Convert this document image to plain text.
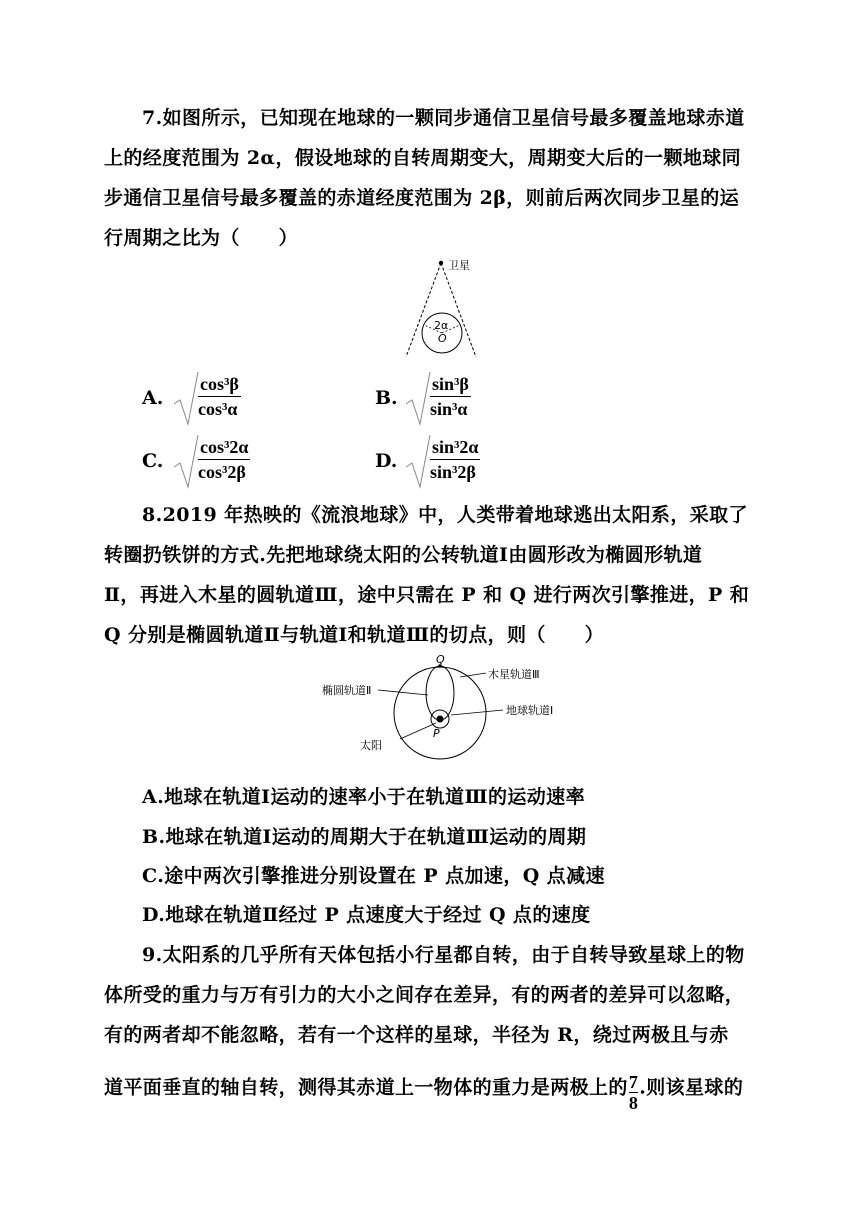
7.如图所示，已知现在地球的一颗同步通信卫星信号最多覆盖地球赤道
上的经度范围为 2α，假设地球的自转周期变大，周期变大后的一颗地球同
步通信卫星信号最多覆盖的赤道经度范围为 2β，则前后两次同步卫星的运
行周期之比为（　　）
卫星
2α
O
A. $\frac{\text{cos³β}}{\text{cos³α}}$	B. $\frac{\text{sin³β}}{\text{sin³α}}$
C. $\frac{\text{cos³2α}}{\text{cos³2β}}$	D. $\frac{\text{sin³2α}}{\text{sin³2β}}$
8.2019 年热映的《流浪地球》中，人类带着地球逃出太阳系，采取了
转圈扔铁饼的方式.先把地球绕太阳的公转轨道Ⅰ由圆形改为椭圆形轨道
Ⅱ，再进入木星的圆轨道Ⅲ，途中只需在 P 和 Q 进行两次引擎推进，P 和
Q 分别是椭圆轨道Ⅱ与轨道Ⅰ和轨道Ⅲ的切点，则（　　）
Q
P
木星轨道Ⅲ
椭圆轨道Ⅱ
地球轨道Ⅰ
太阳
A.地球在轨道Ⅰ运动的速率小于在轨道Ⅲ的运动速率
B.地球在轨道Ⅰ运动的周期大于在轨道Ⅲ运动的周期
C.途中两次引擎推进分别设置在 P 点加速，Q 点减速
D.地球在轨道Ⅱ经过 P 点速度大于经过 Q 点的速度
9.太阳系的几乎所有天体包括小行星都自转，由于自转导致星球上的物
体所受的重力与万有引力的大小之间存在差异，有的两者的差异可以忽略，
有的两者却不能忽略，若有一个这样的星球，半径为 R，绕过两极且与赤
道平面垂直的轴自转，测得其赤道上一物体的重力是两极上的 $\frac{7}{8}$ .则该星球的
